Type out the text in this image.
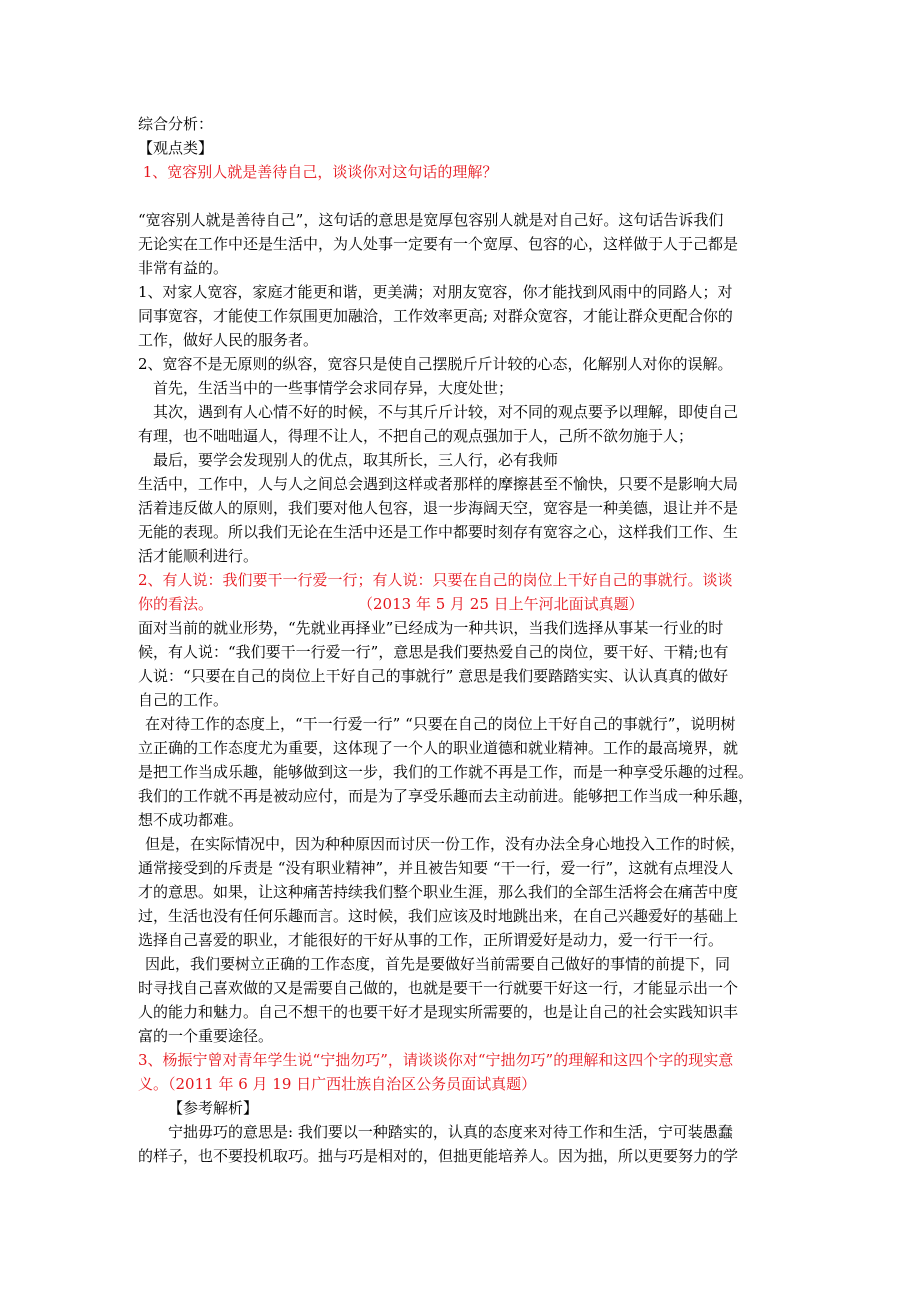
综合分析：
【观点类】
1、宽容别人就是善待自己，谈谈你对这句话的理解？
“宽容别人就是善待自己”，这句话的意思是宽厚包容别人就是对自己好。这句话告诉我们
无论实在工作中还是生活中，为人处事一定要有一个宽厚、包容的心，这样做于人于己都是
非常有益的。
1、对家人宽容，家庭才能更和谐，更美满；对朋友宽容，你才能找到风雨中的同路人；对
同事宽容，才能使工作氛围更加融洽，工作效率更高; 对群众宽容，才能让群众更配合你的
工作，做好人民的服务者。
2、宽容不是无原则的纵容，宽容只是使自己摆脱斤斤计较的心态，化解别人对你的误解。
首先，生活当中的一些事情学会求同存异，大度处世；
其次，遇到有人心情不好的时候，不与其斤斤计较，对不同的观点要予以理解，即使自己
有理，也不咄咄逼人，得理不让人，不把自己的观点强加于人，己所不欲勿施于人；
最后，要学会发现别人的优点，取其所长，三人行，必有我师
生活中，工作中，人与人之间总会遇到这样或者那样的摩擦甚至不愉快，只要不是影响大局
活着违反做人的原则，我们要对他人包容，退一步海阔天空，宽容是一种美德，退让并不是
无能的表现。所以我们无论在生活中还是工作中都要时刻存有宽容之心，这样我们工作、生
活才能顺利进行。
2、有人说：我们要干一行爱一行；有人说：只要在自己的岗位上干好自己的事就行。谈谈
你的看法。	（2013 年 5 月 25 日上午河北面试真题）
面对当前的就业形势，“先就业再择业”已经成为一种共识，当我们选择从事某一行业的时
候，有人说：“我们要干一行爱一行”，意思是我们要热爱自己的岗位，要干好、干精;也有
人说：“只要在自己的岗位上干好自己的事就行” 意思是我们要踏踏实实、认认真真的做好
自己的工作。
在对待工作的态度上，“干一行爱一行” “只要在自己的岗位上干好自己的事就行”，说明树
立正确的工作态度尤为重要，这体现了一个人的职业道德和就业精神。工作的最高境界，就
是把工作当成乐趣，能够做到这一步，我们的工作就不再是工作，而是一种享受乐趣的过程。
我们的工作就不再是被动应付，而是为了享受乐趣而去主动前进。能够把工作当成一种乐趣，
想不成功都难。
但是，在实际情况中，因为种种原因而讨厌一份工作，没有办法全身心地投入工作的时候，
通常接受到的斥责是 “没有职业精神”，并且被告知要 “干一行，爱一行”，这就有点埋没人
才的意思。如果，让这种痛苦持续我们整个职业生涯，那么我们的全部生活将会在痛苦中度
过，生活也没有任何乐趣而言。这时候，我们应该及时地跳出来，在自己兴趣爱好的基础上
选择自己喜爱的职业，才能很好的干好从事的工作，正所谓爱好是动力，爱一行干一行。
因此，我们要树立正确的工作态度，首先是要做好当前需要自己做好的事情的前提下，同
时寻找自己喜欢做的又是需要自己做的，也就是要干一行就要干好这一行，才能显示出一个
人的能力和魅力。自己不想干的也要干好才是现实所需要的，也是让自己的社会实践知识丰
富的一个重要途径。
3、杨振宁曾对青年学生说“宁拙勿巧”，请谈谈你对“宁拙勿巧”的理解和这四个字的现实意
义。（2011 年 6 月 19 日广西壮族自治区公务员面试真题）
【参考解析】
宁拙毋巧的意思是: 我们要以一种踏实的，认真的态度来对待工作和生活，宁可装愚蠢
的样子，也不要投机取巧。拙与巧是相对的，但拙更能培养人。因为拙，所以更要努力的学
